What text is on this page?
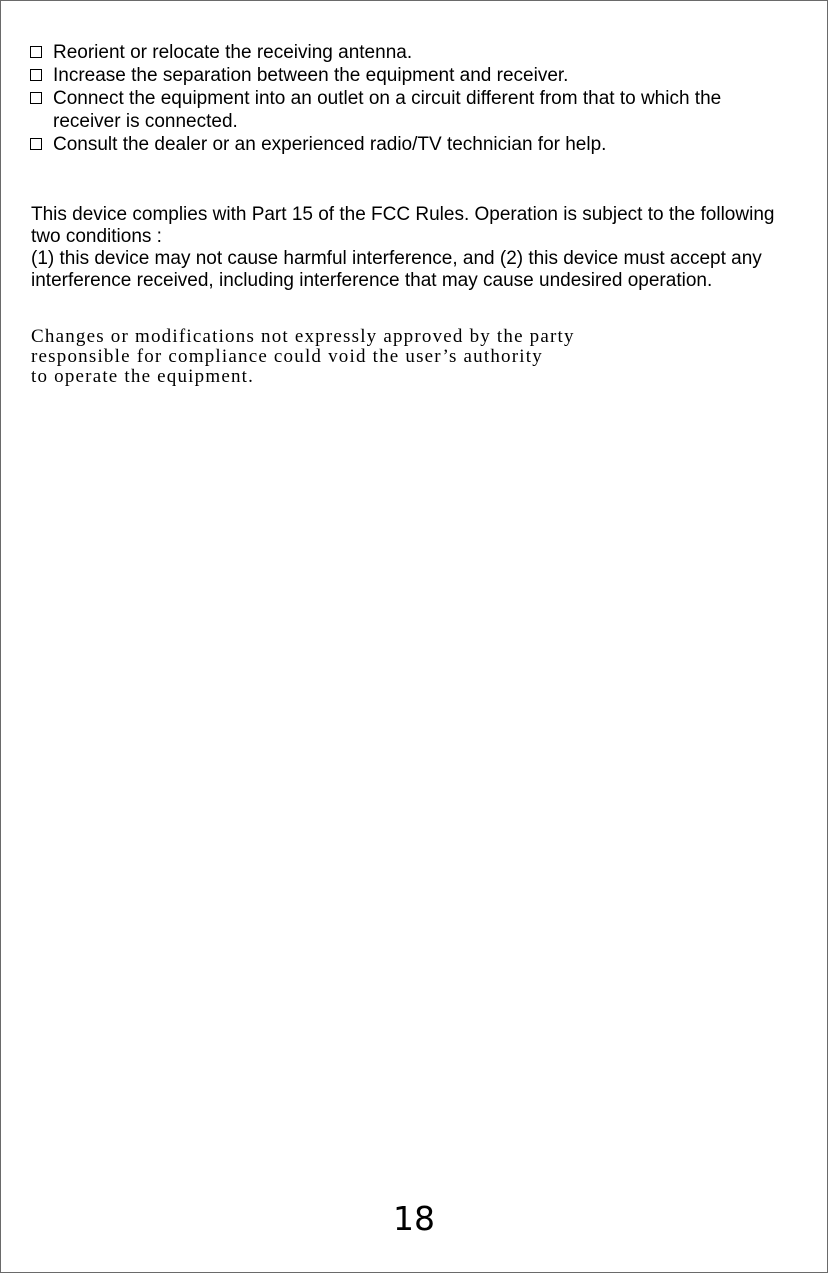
Reorient or relocate the receiving antenna.
Increase the separation between the equipment and receiver.
Connect the equipment into an outlet on a circuit different from that to which the receiver is connected.
Consult the dealer or an experienced radio/TV technician for help.

This device complies with Part 15 of the FCC Rules. Operation is subject to the following two conditions :

(1) this device may not cause harmful interference, and (2) this device must accept any interference received, including interference that may cause undesired operation.

Changes or modifications not expressly approved by the party

responsible for compliance could void the user’s authority

to operate the equipment.

18
